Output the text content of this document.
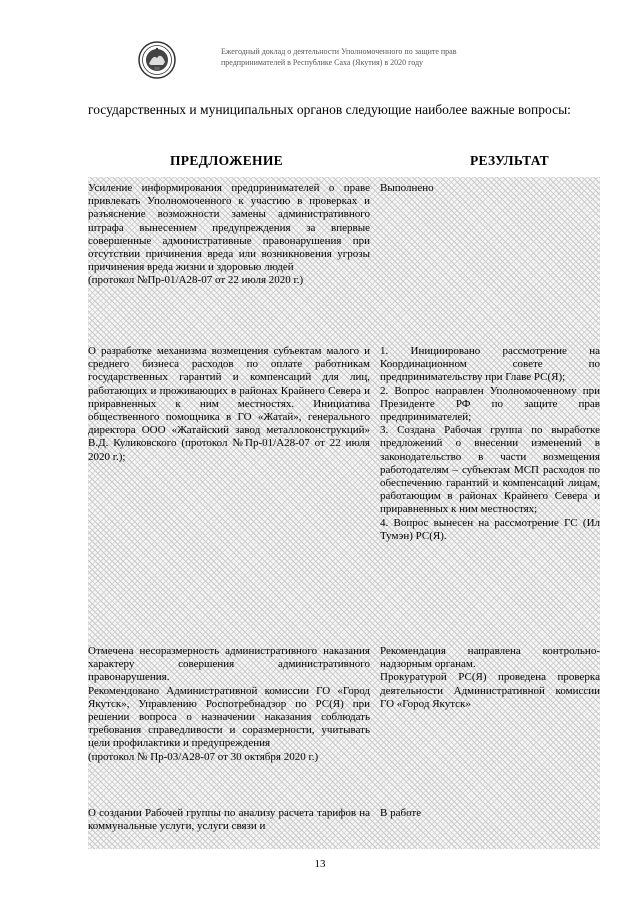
Ежегодный доклад о деятельности Уполномоченного по защите прав
предпринимателей в Республике Саха (Якутия) в 2020 году
государственных и муниципальных органов следующие наиболее важные вопросы:
ПРЕДЛОЖЕНИЕ	РЕЗУЛЬТАТ

Усиление информирования предпринимателей о праве привлекать Уполномоченного к участию в проверках и разъяснение возможности замены административного штрафа вынесением предупреждения за впервые совершенные административные правонарушения при отсутствии причинения вреда или возникновения угрозы причинения вреда жизни и здоровью людей

(протокол №Пр-01/А28-07 от 22 июля 2020 г.)

Выполнено

О разработке механизма возмещения субъектам малого и среднего бизнеса расходов по оплате работникам государственных гарантий и компенсаций для лиц, работающих и проживающих в районах Крайнего Севера и приравненных к ним местностях. Инициатива общественного помощника в ГО «Жатай», генерального директора ООО «Жатайский завод металлоконструкций» В.Д. Куликовского (протокол №Пр-01/А28-07 от 22 июля 2020 г.);

1. Инициировано рассмотрение на Координационном совете по предпринимательству при Главе РС(Я);

2. Вопрос направлен Уполномоченному при Президенте РФ по защите прав предпринимателей;

3. Создана Рабочая группа по выработке предложений о внесении изменений в законодательство в части возмещения работодателям – субъектам МСП расходов по обеспечению гарантий и компенсаций лицам, работающим в районах Крайнего Севера и приравненных к ним местностях;

4. Вопрос вынесен на рассмотрение ГС (Ил Тумэн) РС(Я).

Отмечена несоразмерность административного наказания характеру совершения административного правонарушения.

Рекомендовано Административной комиссии ГО «Город Якутск», Управлению Роспотребнадзор по РС(Я) при решении вопроса о назначении наказания соблюдать требования справедливости и соразмерности, учитывать цели профилактики и предупреждения

(протокол № Пр-03/А28-07 от 30 октября 2020 г.)

Рекомендация направлена контрольно-надзорным органам.

Прокуратурой РС(Я) проведена проверка деятельности Административной комиссии ГО «Город Якутск»

О создании Рабочей группы по анализу расчета тарифов на коммунальные услуги, услуги связи и

В работе

13
